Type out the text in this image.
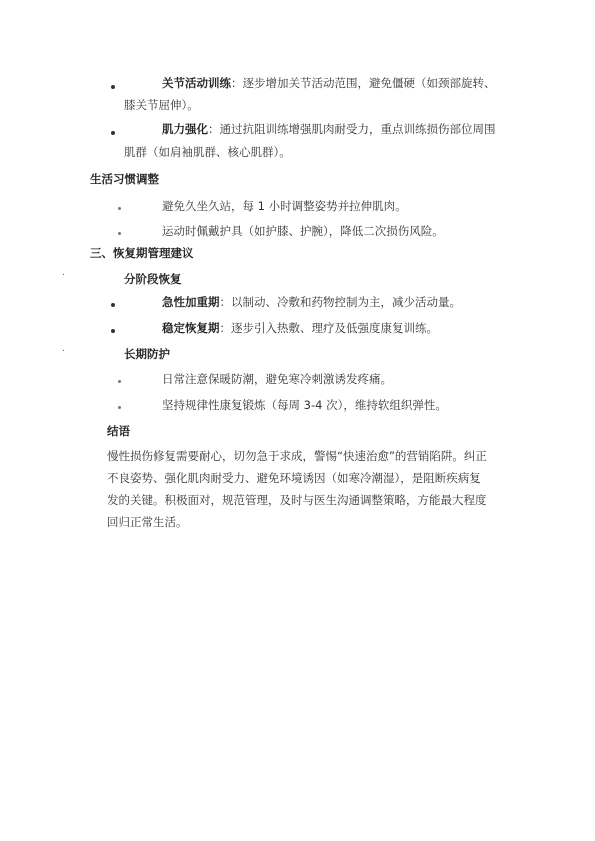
关节活动训练：逐步增加关节活动范围，避免僵硬（如颈部旋转、
膝关节屈伸）。
肌力强化：通过抗阻训练增强肌肉耐受力，重点训练损伤部位周围
肌群（如肩袖肌群、核心肌群）。
生活习惯调整
避免久坐久站，每 1 小时调整姿势并拉伸肌肉。
运动时佩戴护具（如护膝、护腕），降低二次损伤风险。
三、恢复期管理建议
.	分阶段恢复
急性加重期：以制动、冷敷和药物控制为主，减少活动量。
稳定恢复期：逐步引入热敷、理疗及低强度康复训练。
.	长期防护
日常注意保暖防潮，避免寒冷刺激诱发疼痛。
坚持规律性康复锻炼（每周 3-4 次），维持软组织弹性。
结语
慢性损伤修复需要耐心，切勿急于求成，警惕“快速治愈”的营销陷阱。纠正
不良姿势、强化肌肉耐受力、避免环境诱因（如寒冷潮湿），是阻断疾病复
发的关键。积极面对，规范管理，及时与医生沟通调整策略，方能最大程度
回归正常生活。
